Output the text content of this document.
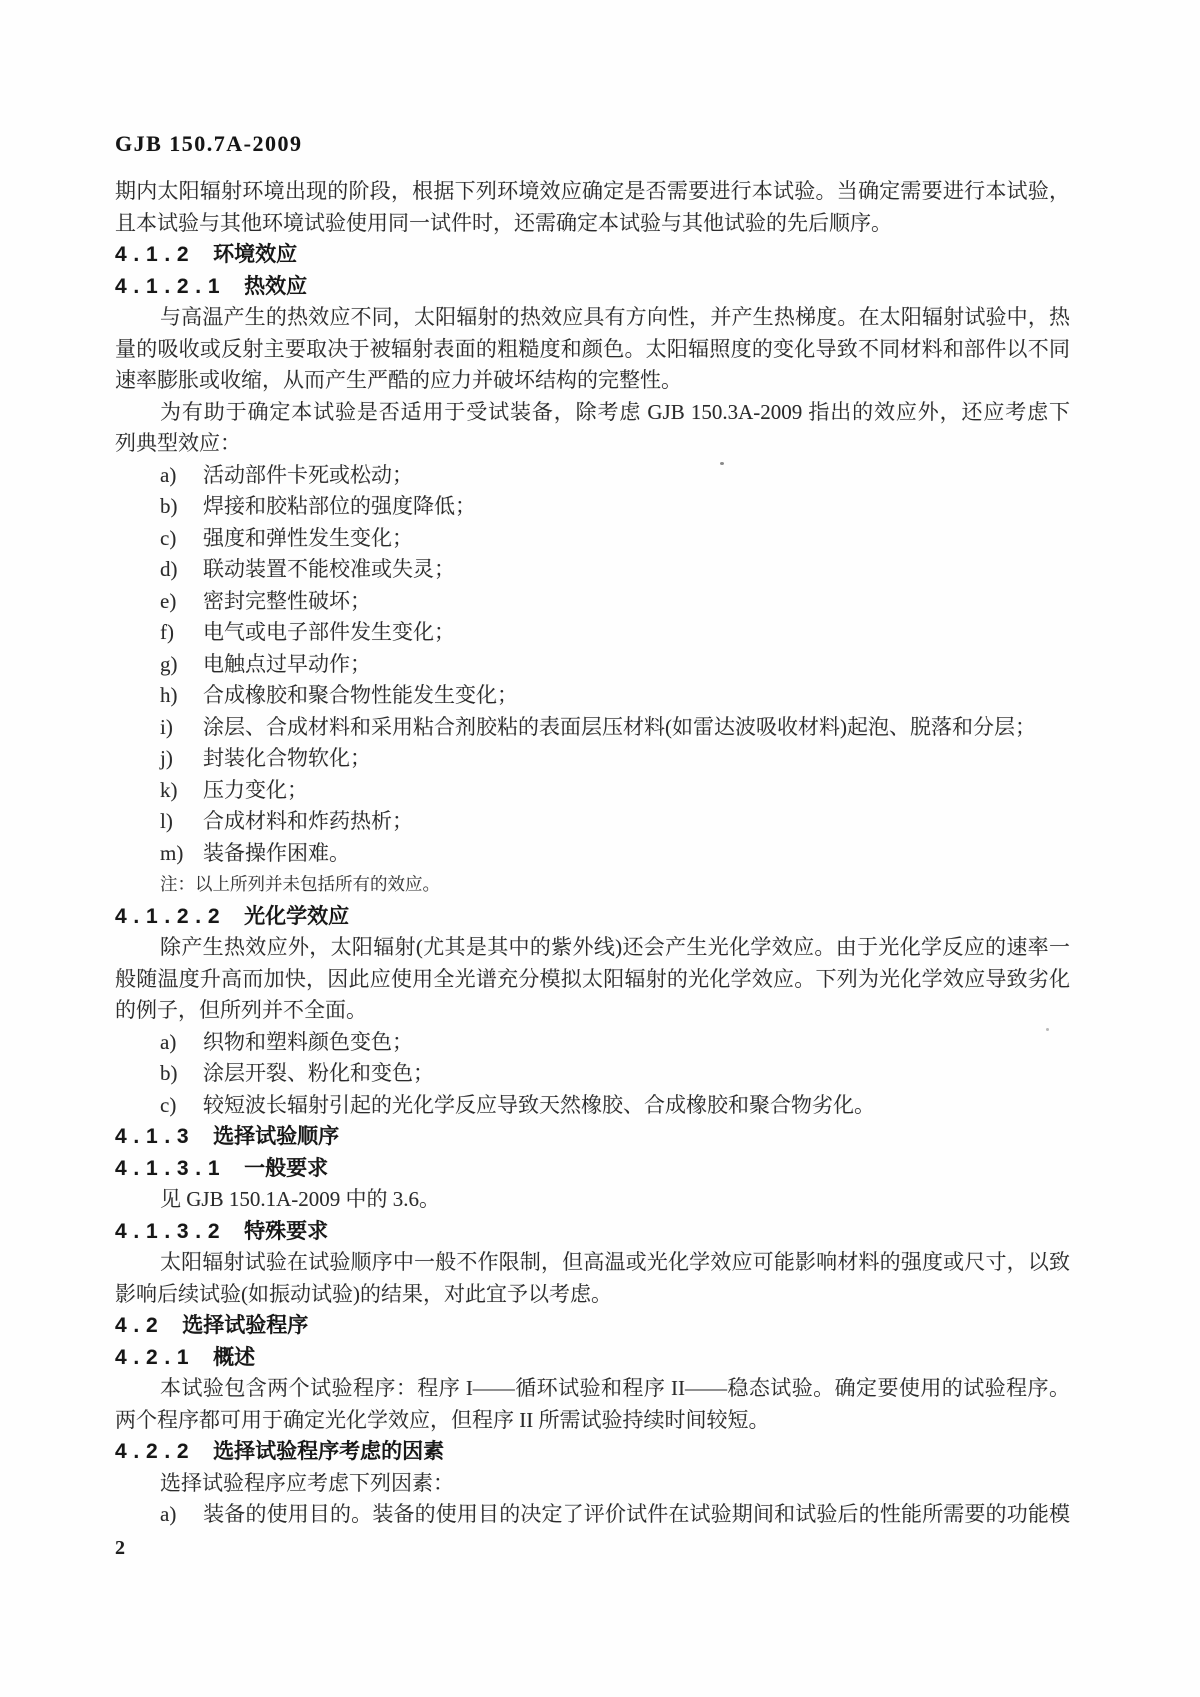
GJB 150.7A-2009
期内太阳辐射环境出现的阶段，根据下列环境效应确定是否需要进行本试验。当确定需要进行本试验，
且本试验与其他环境试验使用同一试件时，还需确定本试验与其他试验的先后顺序。
4.1.2 环境效应
4.1.2.1 热效应
与高温产生的热效应不同，太阳辐射的热效应具有方向性，并产生热梯度。在太阳辐射试验中，热
量的吸收或反射主要取决于被辐射表面的粗糙度和颜色。太阳辐照度的变化导致不同材料和部件以不同
速率膨胀或收缩，从而产生严酷的应力并破坏结构的完整性。
为有助于确定本试验是否适用于受试装备，除考虑 GJB 150.3A-2009 指出的效应外，还应考虑下
列典型效应：
a) 活动部件卡死或松动；
b) 焊接和胶粘部位的强度降低；
c) 强度和弹性发生变化；
d) 联动装置不能校准或失灵；
e) 密封完整性破坏；
f) 电气或电子部件发生变化；
g) 电触点过早动作；
h) 合成橡胶和聚合物性能发生变化；
i) 涂层、合成材料和采用粘合剂胶粘的表面层压材料(如雷达波吸收材料)起泡、脱落和分层；
j) 封装化合物软化；
k) 压力变化；
l) 合成材料和炸药热析；
m) 装备操作困难。
注：以上所列并未包括所有的效应。
4.1.2.2 光化学效应
除产生热效应外，太阳辐射(尤其是其中的紫外线)还会产生光化学效应。由于光化学反应的速率一
般随温度升高而加快，因此应使用全光谱充分模拟太阳辐射的光化学效应。下列为光化学效应导致劣化
的例子，但所列并不全面。
a) 织物和塑料颜色变色；
b) 涂层开裂、粉化和变色；
c) 较短波长辐射引起的光化学反应导致天然橡胶、合成橡胶和聚合物劣化。
4.1.3 选择试验顺序
4.1.3.1 一般要求
见 GJB 150.1A-2009 中的 3.6。
4.1.3.2 特殊要求
太阳辐射试验在试验顺序中一般不作限制，但高温或光化学效应可能影响材料的强度或尺寸，以致
影响后续试验(如振动试验)的结果，对此宜予以考虑。
4.2 选择试验程序
4.2.1 概述
本试验包含两个试验程序：程序 I——循环试验和程序 II——稳态试验。确定要使用的试验程序。
两个程序都可用于确定光化学效应，但程序 II 所需试验持续时间较短。
4.2.2 选择试验程序考虑的因素
选择试验程序应考虑下列因素：
a) 装备的使用目的。装备的使用目的决定了评价试件在试验期间和试验后的性能所需要的功能模
2
